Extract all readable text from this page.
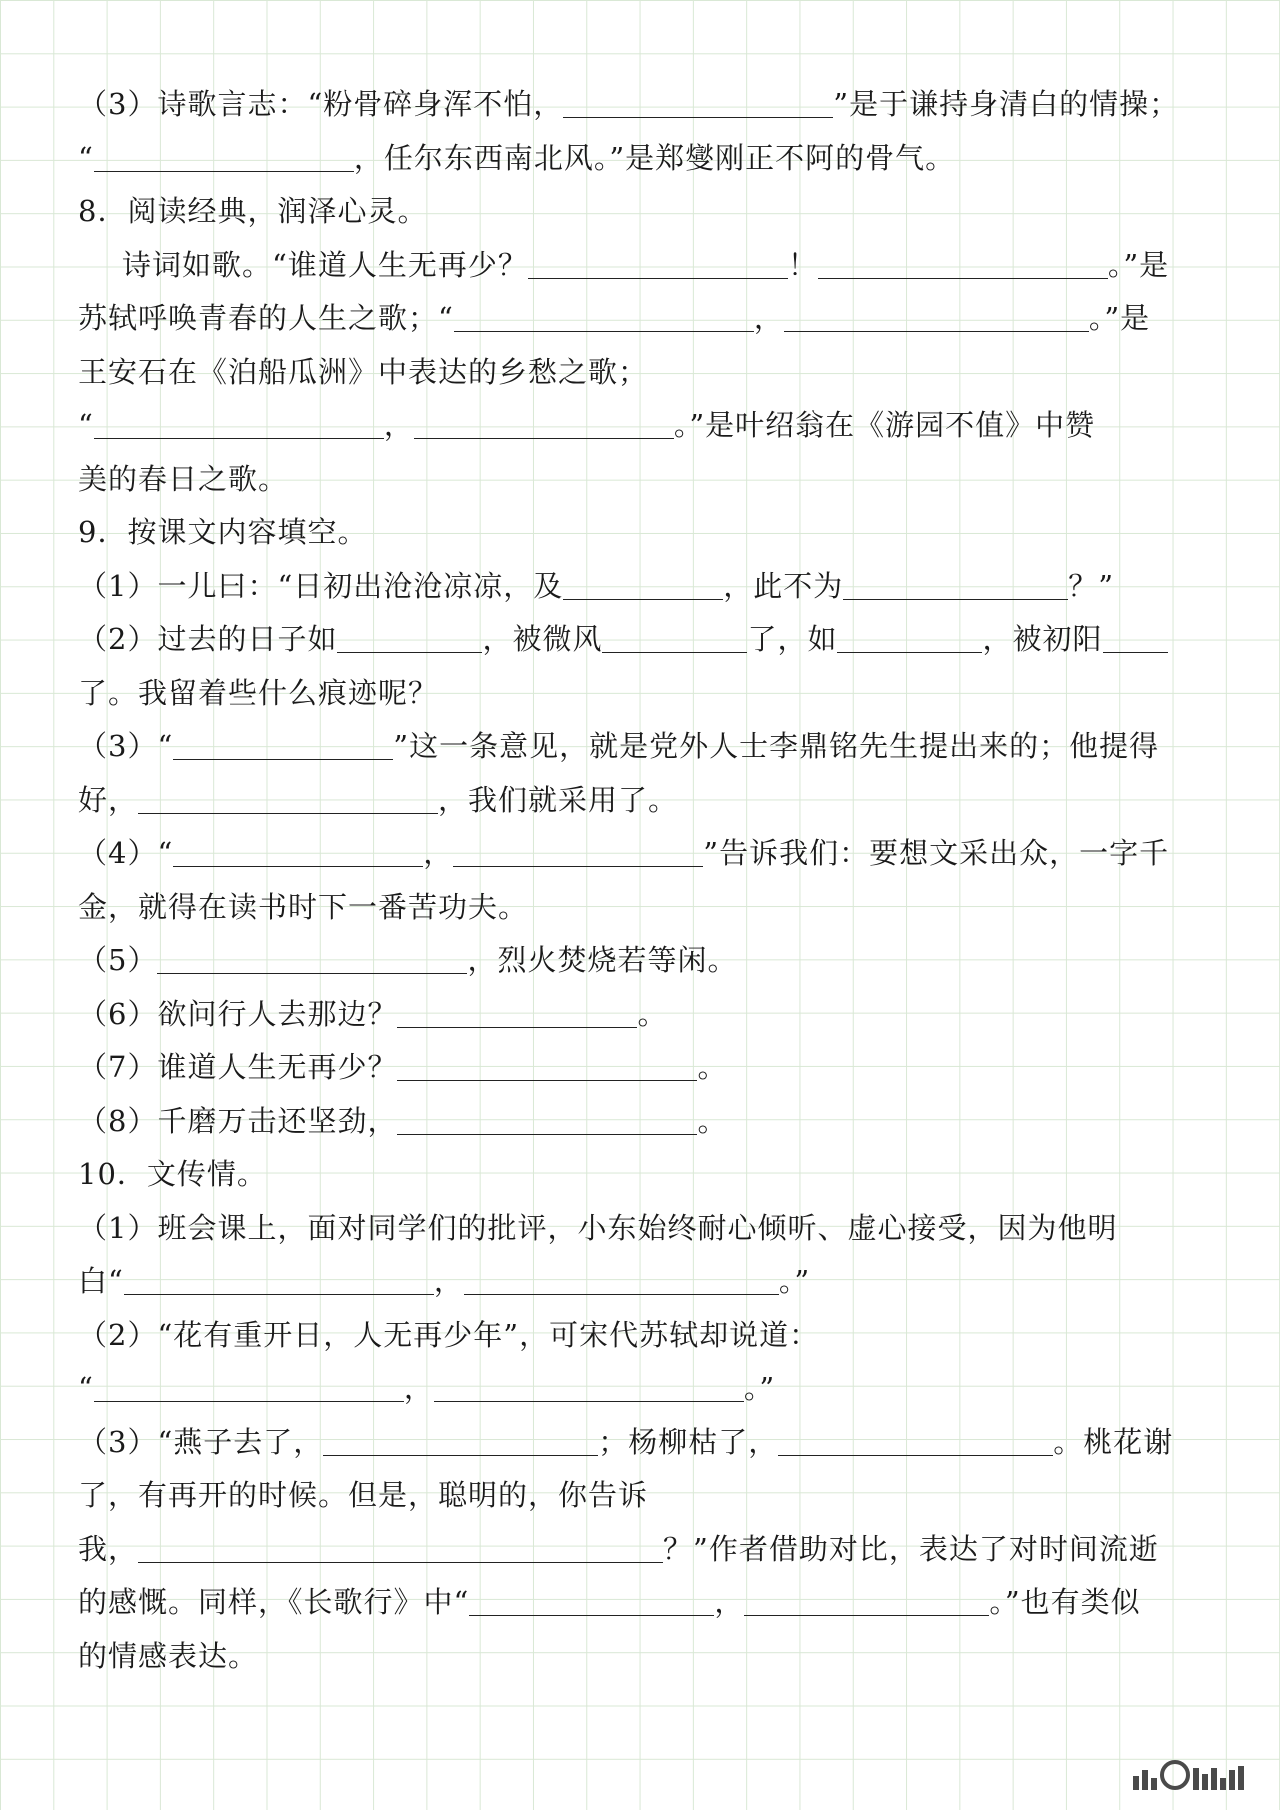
（3）诗歌言志：“粉骨碎身浑不怕，	”是于谦持身清白的情操；
“	，任尔东西南北风。”是郑燮刚正不阿的骨气。
8．阅读经典，润泽心灵。
诗词如歌。“谁道人生无再少？	！	。”是
苏轼呼唤青春的人生之歌；“	，	。”是
王安石在《泊船瓜洲》中表达的乡愁之歌；
“	，	。”是叶绍翁在《游园不值》中赞
美的春日之歌。
9．按课文内容填空。
（1）一儿曰：“日初出沧沧凉凉，及	，此不为	？”
（2）过去的日子如	，被微风	了，如	，被初阳
了。我留着些什么痕迹呢？
（3）“	”这一条意见，就是党外人士李鼎铭先生提出来的；他提得
好，	，我们就采用了。
（4）“	，	”告诉我们：要想文采出众，一字千
金，就得在读书时下一番苦功夫。
（5）	，烈火焚烧若等闲。
（6）欲问行人去那边？	。
（7）谁道人生无再少？	。
（8）千磨万击还坚劲，	。
10．文传情。
（1）班会课上，面对同学们的批评，小东始终耐心倾听、虚心接受，因为他明
白“	，	。”
（2）“花有重开日，人无再少年”，可宋代苏轼却说道：
“	，	。”
（3）“燕子去了，	；杨柳枯了，	。桃花谢
了，有再开的时候。但是，聪明的，你告诉
我，	？”作者借助对比，表达了对时间流逝
的感慨。同样，《长歌行》中“	，	。”也有类似
的情感表达。
